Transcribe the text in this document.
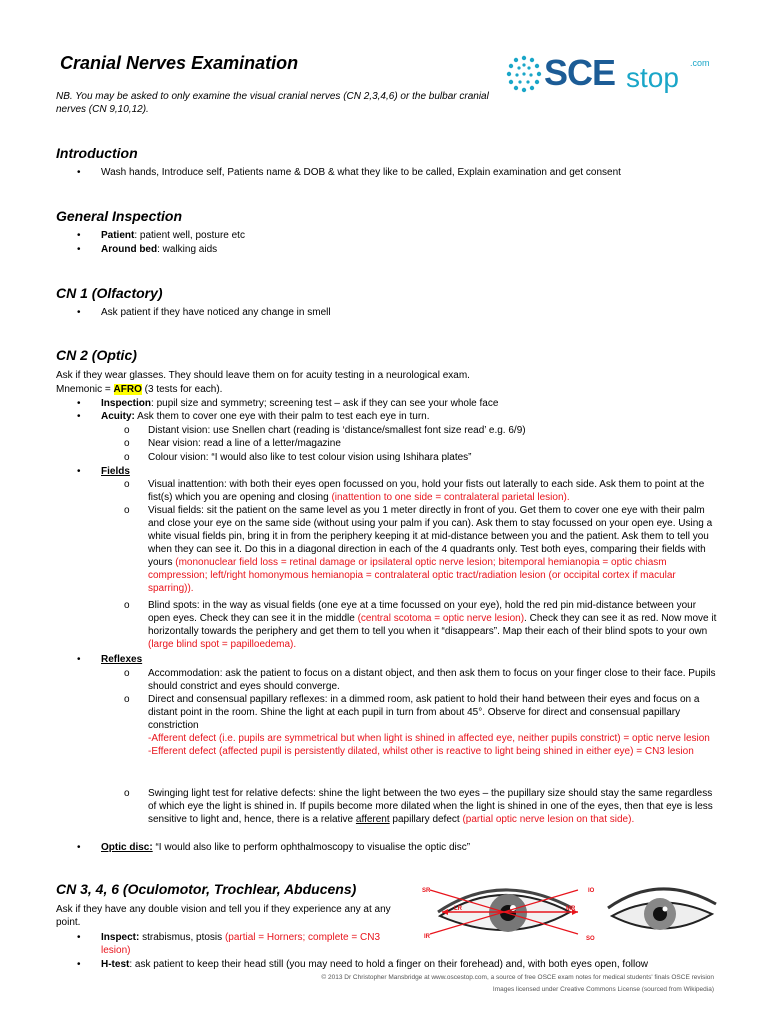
Cranial Nerves Examination
NB. You may be asked to only examine the visual cranial nerves (CN 2,3,4,6) or the bulbar cranial nerves (CN 9,10,12).
SCE stop .com
Introduction
• Wash hands, Introduce self, Patients name & DOB & what they like to be called, Explain examination and get consent
General Inspection
• Patient: patient well, posture etc
• Around bed: walking aids
CN 1 (Olfactory)
• Ask patient if they have noticed any change in smell
CN 2 (Optic)
Ask if they wear glasses. They should leave them on for acuity testing in a neurological exam.
Mnemonic = AFRO (3 tests for each).
• Inspection: pupil size and symmetry; screening test – ask if they can see your whole face
• Acuity: Ask them to cover one eye with their palm to test each eye in turn.
o Distant vision: use Snellen chart (reading is ‘distance/smallest font size read’ e.g. 6/9)
o Near vision: read a line of a letter/magazine
o Colour vision: “I would also like to test colour vision using Ishihara plates”
• Fields
o Visual inattention: with both their eyes open focussed on you, hold your fists out laterally to each side. Ask them to point at the fist(s) which you are opening and closing (inattention to one side = contralateral parietal lesion).
o Visual fields: sit the patient on the same level as you 1 meter directly in front of you. Get them to cover one eye with their palm and close your eye on the same side (without using your palm if you can). Ask them to stay focussed on your open eye. Using a white visual fields pin, bring it in from the periphery keeping it at mid-distance between you and the patient. Ask them to tell you when they can see it. Do this in a diagonal direction in each of the 4 quadrants only. Test both eyes, comparing their fields with yours (mononuclear field loss = retinal damage or ipsilateral optic nerve lesion; bitemporal hemianopia = optic chiasm compression; left/right homonymous hemianopia = contralateral optic tract/radiation lesion (or occipital cortex if macular sparring)).
o Blind spots: in the way as visual fields (one eye at a time focussed on your eye), hold the red pin mid-distance between your open eyes. Check they can see it in the middle (central scotoma = optic nerve lesion). Check they can see it as red. Now move it horizontally towards the periphery and get them to tell you when it “disappears”. Map their each of their blind spots to your own (large blind spot = papilloedema).
• Reflexes
o Accommodation: ask the patient to focus on a distant object, and then ask them to focus on your finger close to their face. Pupils should constrict and eyes should converge.
o Direct and consensual papillary reflexes: in a dimmed room, ask patient to hold their hand between their eyes and focus on a distant point in the room. Shine the light at each pupil in turn from about 45°. Observe for direct and consensual papillary constriction
-Afferent defect (i.e. pupils are symmetrical but when light is shined in affected eye, neither pupils constrict) = optic nerve lesion
-Efferent defect (affected pupil is persistently dilated, whilst other is reactive to light being shined in either eye) = CN3 lesion
o Swinging light test for relative defects: shine the light between the two eyes – the pupillary size should stay the same regardless of which eye the light is shined in. If pupils become more dilated when the light is shined in one of the eyes, then that eye is less sensitive to light and, hence, there is a relative afferent papillary defect (partial optic nerve lesion on that side).
• Optic disc: “I would also like to perform ophthalmoscopy to visualise the optic disc”
CN 3, 4, 6 (Oculomotor, Trochlear, Abducens)
Ask if they have any double vision and tell you if they experience any at any point.
• Inspect: strabismus, ptosis (partial = Horners; complete = CN3 lesion)
• H-test: ask patient to keep their head still (you may need to hold a finger on their forehead) and, with both eyes open, follow
SR	IO
LR	MR
IR	SO
© 2013 Dr Christopher Mansbridge at www.oscestop.com, a source of free OSCE exam notes for medical students' finals OSCE revision
Images licensed under Creative Commons License (sourced from Wikipedia)
